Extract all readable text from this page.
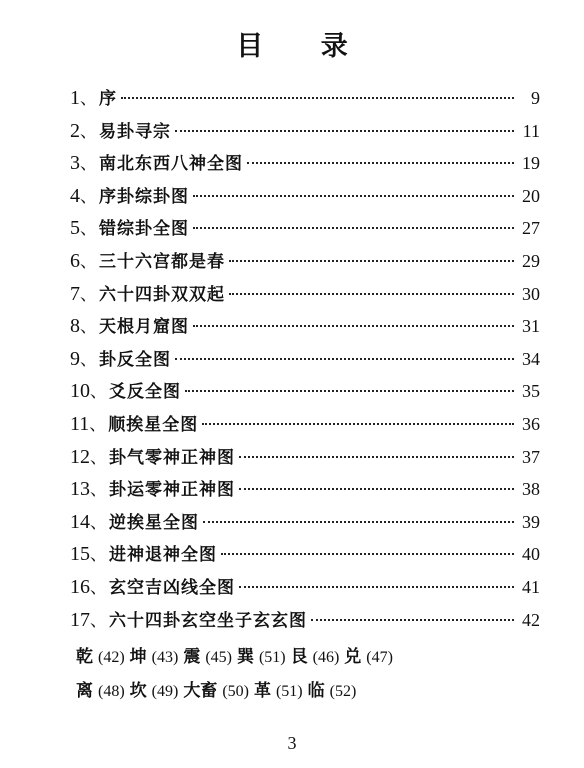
目 录
1 、 序	9
2 、 易卦寻宗	11
3 、 南北东西八神全图	19
4 、 序卦综卦图	20
5 、 错综卦全图	27
6 、 三十六宫都是春	29
7 、 六十四卦双双起	30
8 、 天根月窟图	31
9 、 卦反全图	34
10 、 爻反全图	35
11 、 顺挨星全图	36
12 、 卦气零神正神图	37
13 、 卦运零神正神图	38
14 、 逆挨星全图	39
15 、 进神退神全图	40
16 、 玄空吉凶线全图	41
17 、 六十四卦玄空坐子玄玄图	42
乾 (42) 坤 (43) 震 (45) 巽 (51) 艮 (46) 兑 (47)
离 (48) 坎 (49) 大畜 (50) 革 (51) 临 (52)
3
